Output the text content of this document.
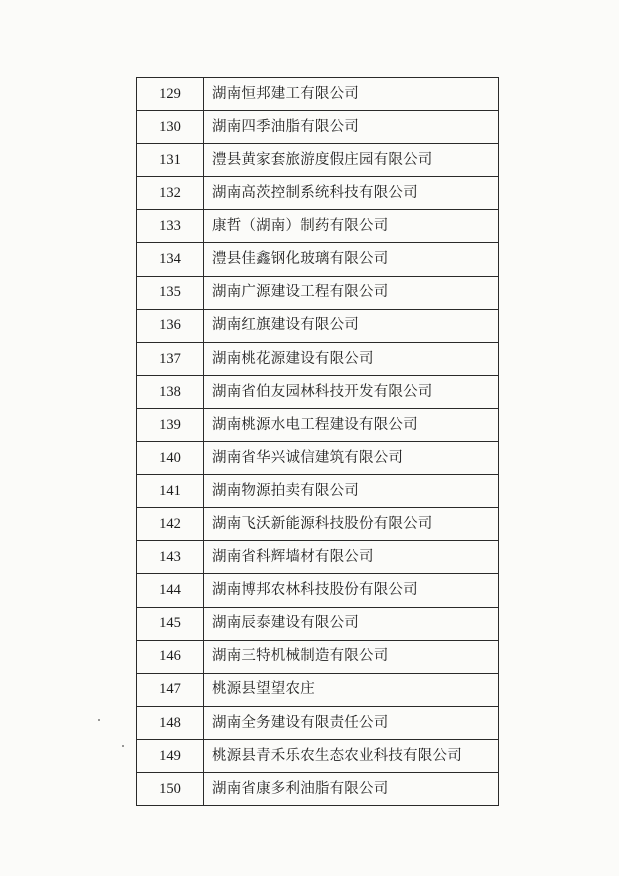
129	湖南恒邦建工有限公司
130	湖南四季油脂有限公司
131	澧县黄家套旅游度假庄园有限公司
132	湖南高茨控制系统科技有限公司
133	康哲（湖南）制药有限公司
134	澧县佳鑫钢化玻璃有限公司
135	湖南广源建设工程有限公司
136	湖南红旗建设有限公司
137	湖南桃花源建设有限公司
138	湖南省伯友园林科技开发有限公司
139	湖南桃源水电工程建设有限公司
140	湖南省华兴诚信建筑有限公司
141	湖南物源拍卖有限公司
142	湖南飞沃新能源科技股份有限公司
143	湖南省科辉墙材有限公司
144	湖南博邦农林科技股份有限公司
145	湖南辰泰建设有限公司
146	湖南三特机械制造有限公司
147	桃源县望望农庄
148	湖南全务建设有限责任公司
149	桃源县青禾乐农生态农业科技有限公司
150	湖南省康多利油脂有限公司
